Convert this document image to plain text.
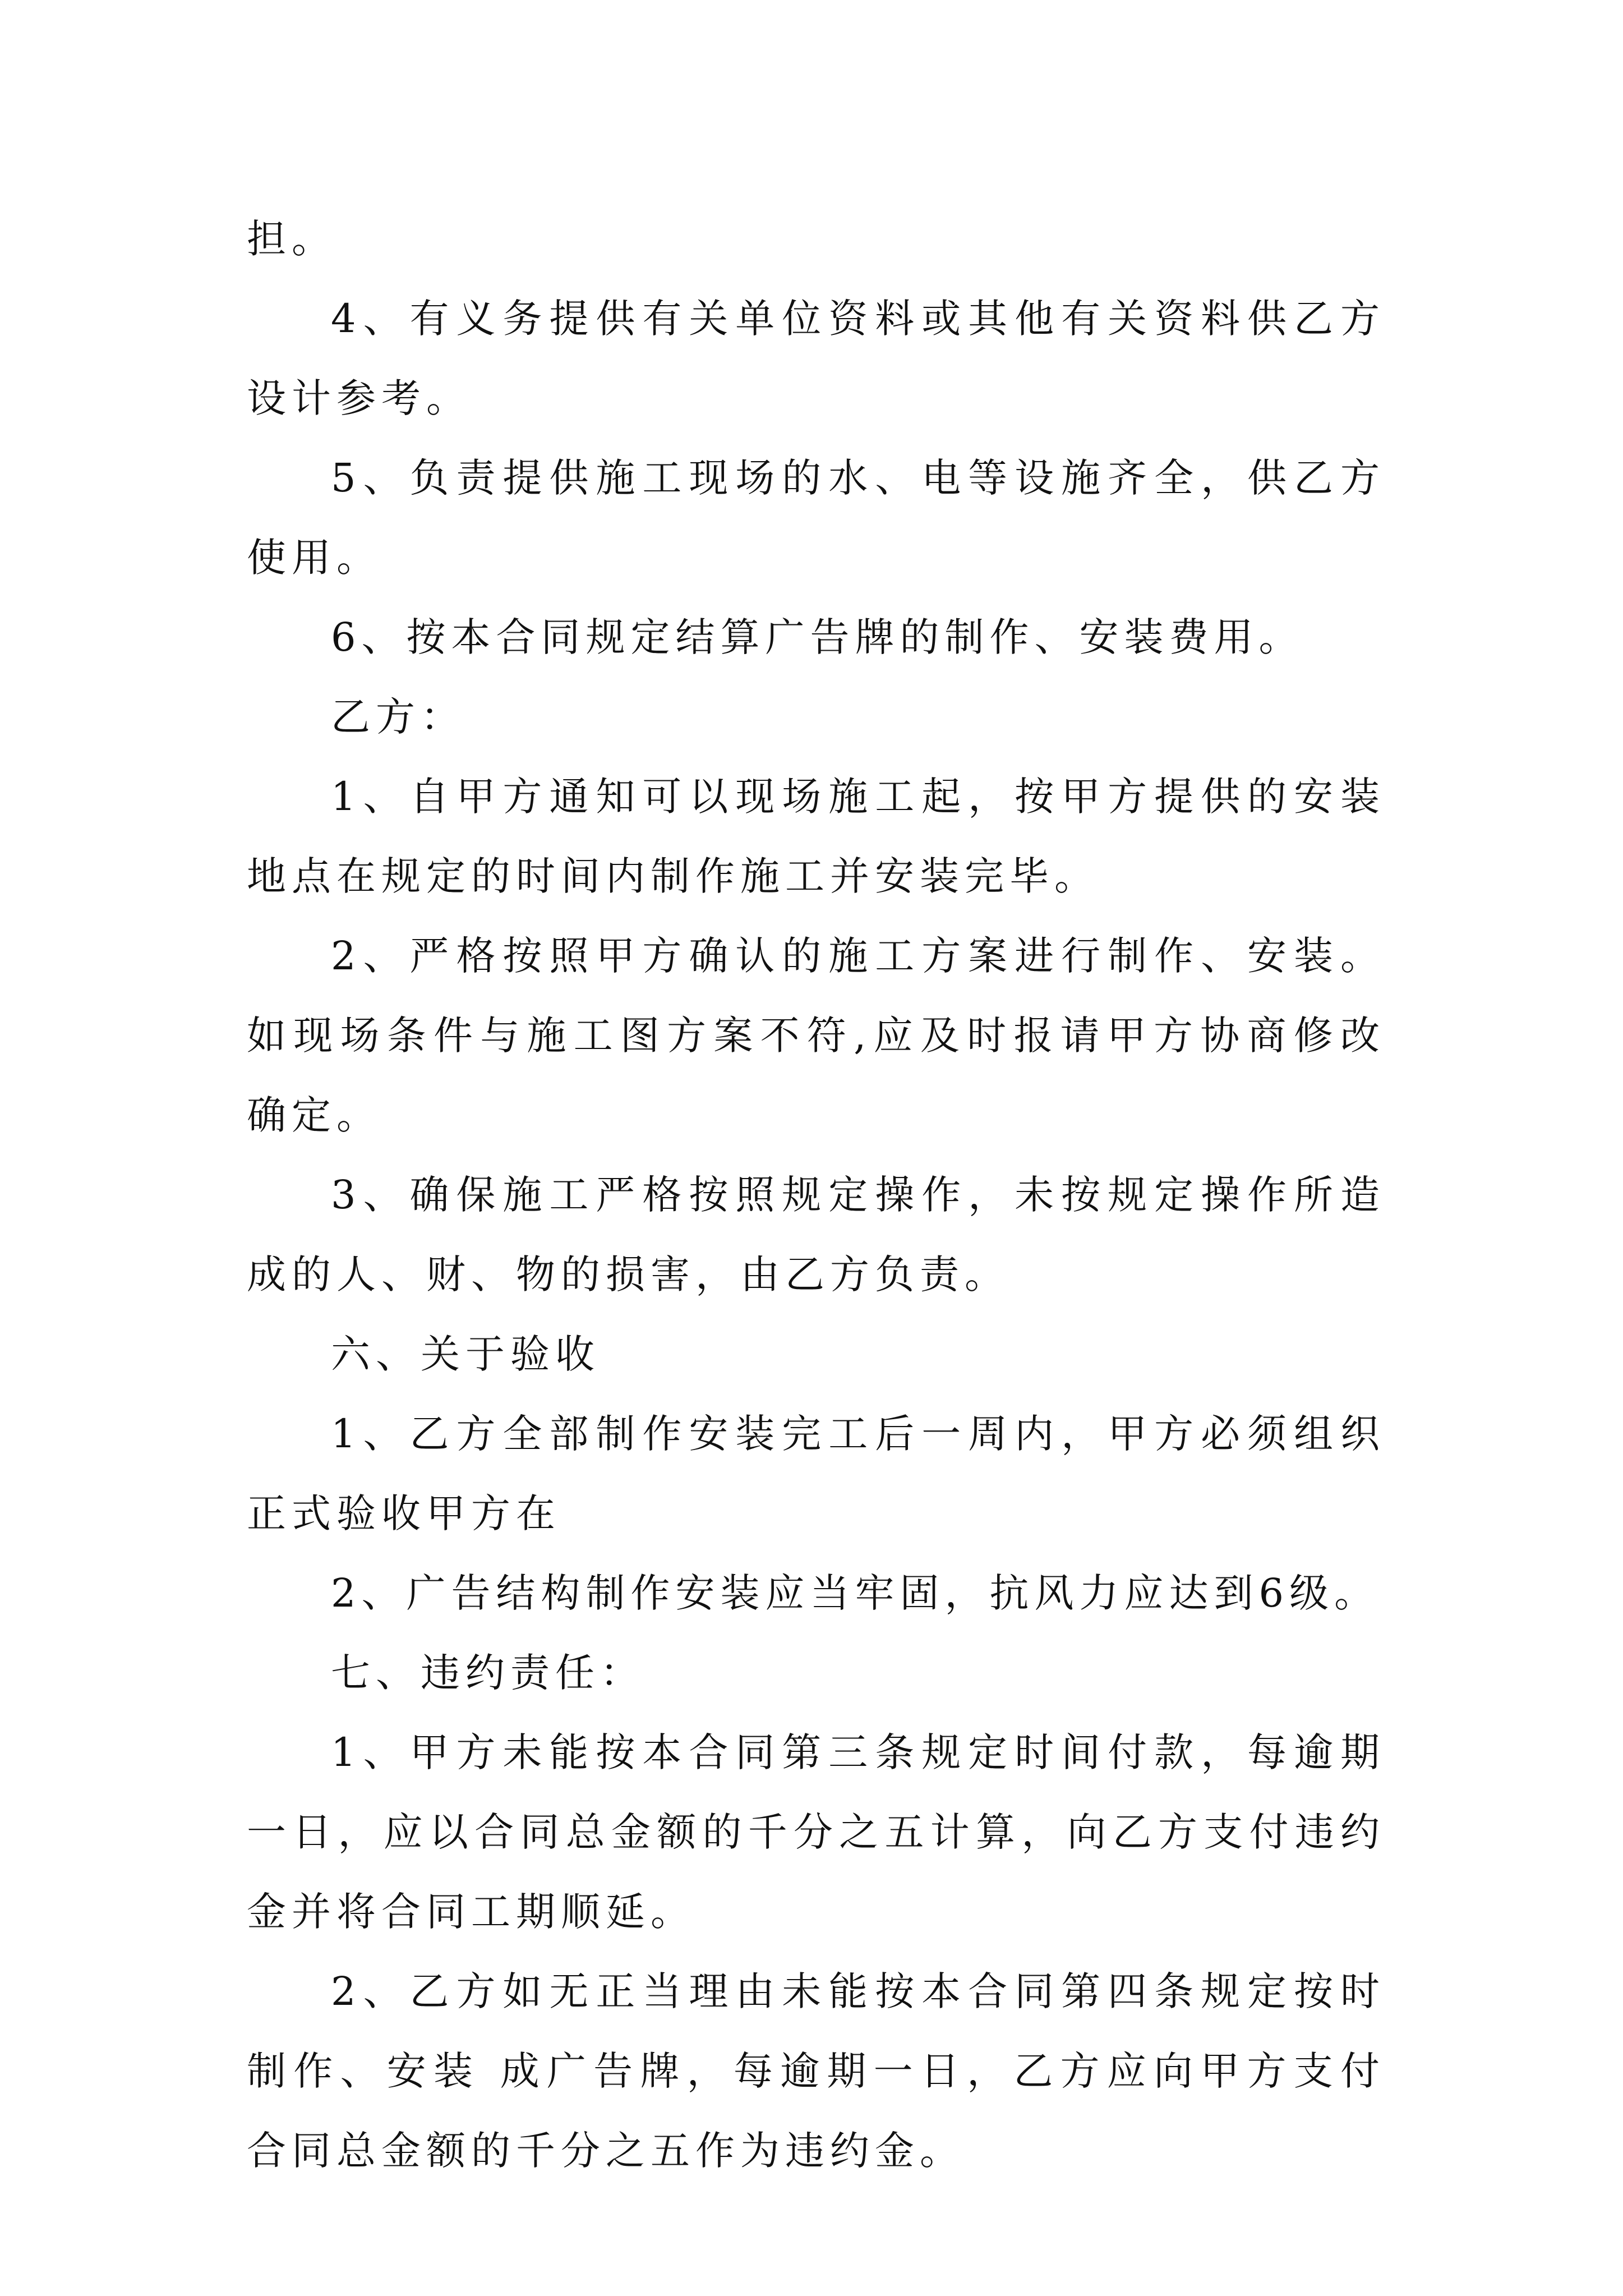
担。

4、有义务提供有关单位资料或其他有关资料供乙方设计参考。

5、负责提供施工现场的水、电等设施齐全，供乙方使用。

6、按本合同规定结算广告牌的制作、安装费用。

乙方：

1、自甲方通知可以现场施工起，按甲方提供的安装地点在规定的时间内制作施工并安装完毕。

2、严格按照甲方确认的施工方案进行制作、安装。如现场条件与施工图方案不符,应及时报请甲方协商修改确定。

3、确保施工严格按照规定操作，未按规定操作所造成的人、财、物的损害，由乙方负责。

六、关于验收

1、乙方全部制作安装完工后一周内，甲方必须组织正式验收甲方在

2、广告结构制作安装应当牢固，抗风力应达到6级。

七、违约责任：

1、甲方未能按本合同第三条规定时间付款，每逾期一日，应以合同总金额的千分之五计算，向乙方支付违约金并将合同工期顺延。

2、乙方如无正当理由未能按本合同第四条规定按时制作、安装 成广告牌，每逾期一日，乙方应向甲方支付合同总金额的千分之五作为违约金。
